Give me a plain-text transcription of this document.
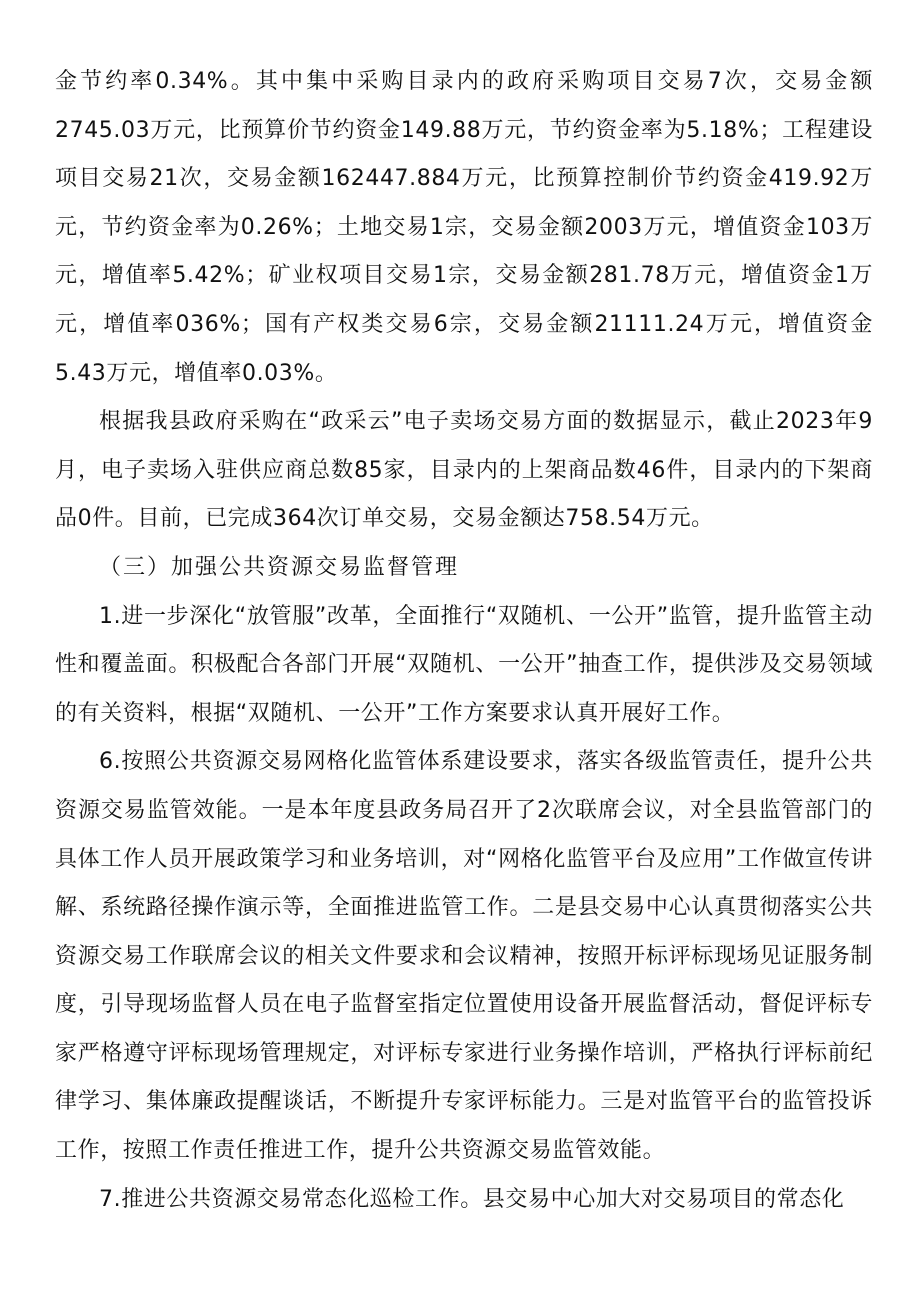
金节约率0.34%。其中集中采购目录内的政府采购项目交易7次，交易金额2745.03万元，比预算价节约资金149.88万元，节约资金率为5.18%；工程建设项目交易21次，交易金额162447.884万元，比预算控制价节约资金419.92万元，节约资金率为0.26%；土地交易1宗，交易金额2003万元，增值资金103万元，增值率5.42%；矿业权项目交易1宗，交易金额281.78万元，增值资金1万元，增值率036%；国有产权类交易6宗，交易金额21111.24万元，增值资金5.43万元，增值率0.03%。

根据我县政府采购在“政采云”电子卖场交易方面的数据显示，截止2023年9月，电子卖场入驻供应商总数85家，目录内的上架商品数46件，目录内的下架商品0件。目前，已完成364次订单交易，交易金额达758.54万元。

（三）加强公共资源交易监督管理

1.进一步深化“放管服”改革，全面推行“双随机、一公开”监管，提升监管主动性和覆盖面。积极配合各部门开展“双随机、一公开”抽查工作，提供涉及交易领域的有关资料，根据“双随机、一公开”工作方案要求认真开展好工作。

6.按照公共资源交易网格化监管体系建设要求，落实各级监管责任，提升公共资源交易监管效能。一是本年度县政务局召开了2次联席会议，对全县监管部门的具体工作人员开展政策学习和业务培训，对“网格化监管平台及应用”工作做宣传讲解、系统路径操作演示等，全面推进监管工作。二是县交易中心认真贯彻落实公共资源交易工作联席会议的相关文件要求和会议精神，按照开标评标现场见证服务制度，引导现场监督人员在电子监督室指定位置使用设备开展监督活动，督促评标专家严格遵守评标现场管理规定，对评标专家进行业务操作培训，严格执行评标前纪律学习、集体廉政提醒谈话，不断提升专家评标能力。三是对监管平台的监管投诉工作，按照工作责任推进工作，提升公共资源交易监管效能。

7.推进公共资源交易常态化巡检工作。县交易中心加大对交易项目的常态化
